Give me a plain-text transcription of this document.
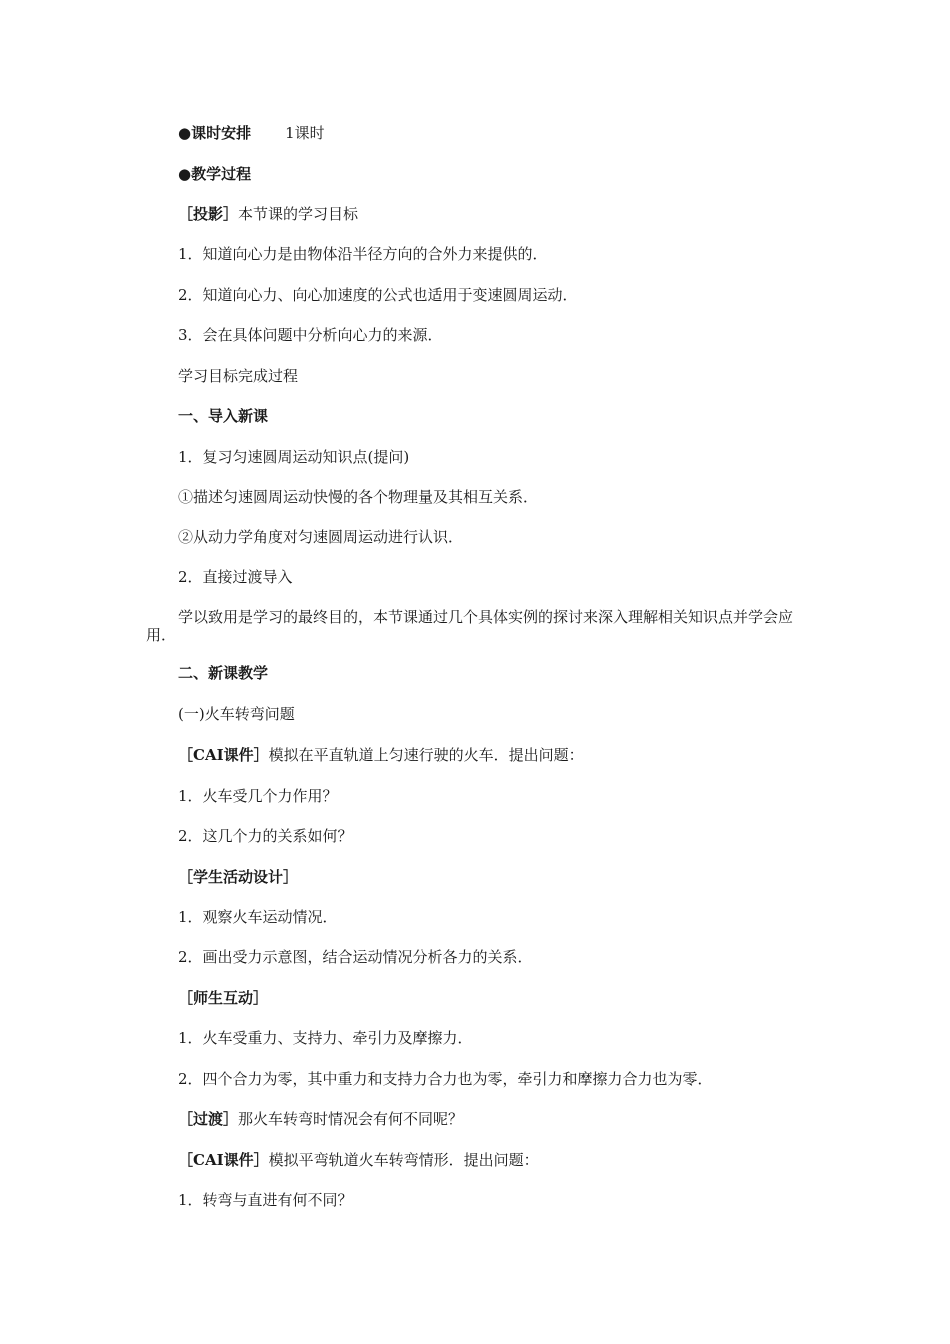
●课时安排 1课时
●教学过程
［投影］本节课的学习目标
1．知道向心力是由物体沿半径方向的合外力来提供的．
2．知道向心力、向心加速度的公式也适用于变速圆周运动．
3．会在具体问题中分析向心力的来源．
学习目标完成过程
一、导入新课
1．复习匀速圆周运动知识点(提问)
①描述匀速圆周运动快慢的各个物理量及其相互关系．
②从动力学角度对匀速圆周运动进行认识．
2．直接过渡导入
学以致用是学习的最终目的，本节课通过几个具体实例的探讨来深入理解相关知识点并学会应用．
二、新课教学
(一)火车转弯问题
［CAI课件］模拟在平直轨道上匀速行驶的火车．提出问题：
1．火车受几个力作用？
2．这几个力的关系如何？
［学生活动设计］
1．观察火车运动情况．
2．画出受力示意图，结合运动情况分析各力的关系．
［师生互动］
1．火车受重力、支持力、牵引力及摩擦力．
2．四个合力为零，其中重力和支持力合力也为零，牵引力和摩擦力合力也为零．
［过渡］那火车转弯时情况会有何不同呢？
［CAI课件］模拟平弯轨道火车转弯情形．提出问题：
1．转弯与直进有何不同？
